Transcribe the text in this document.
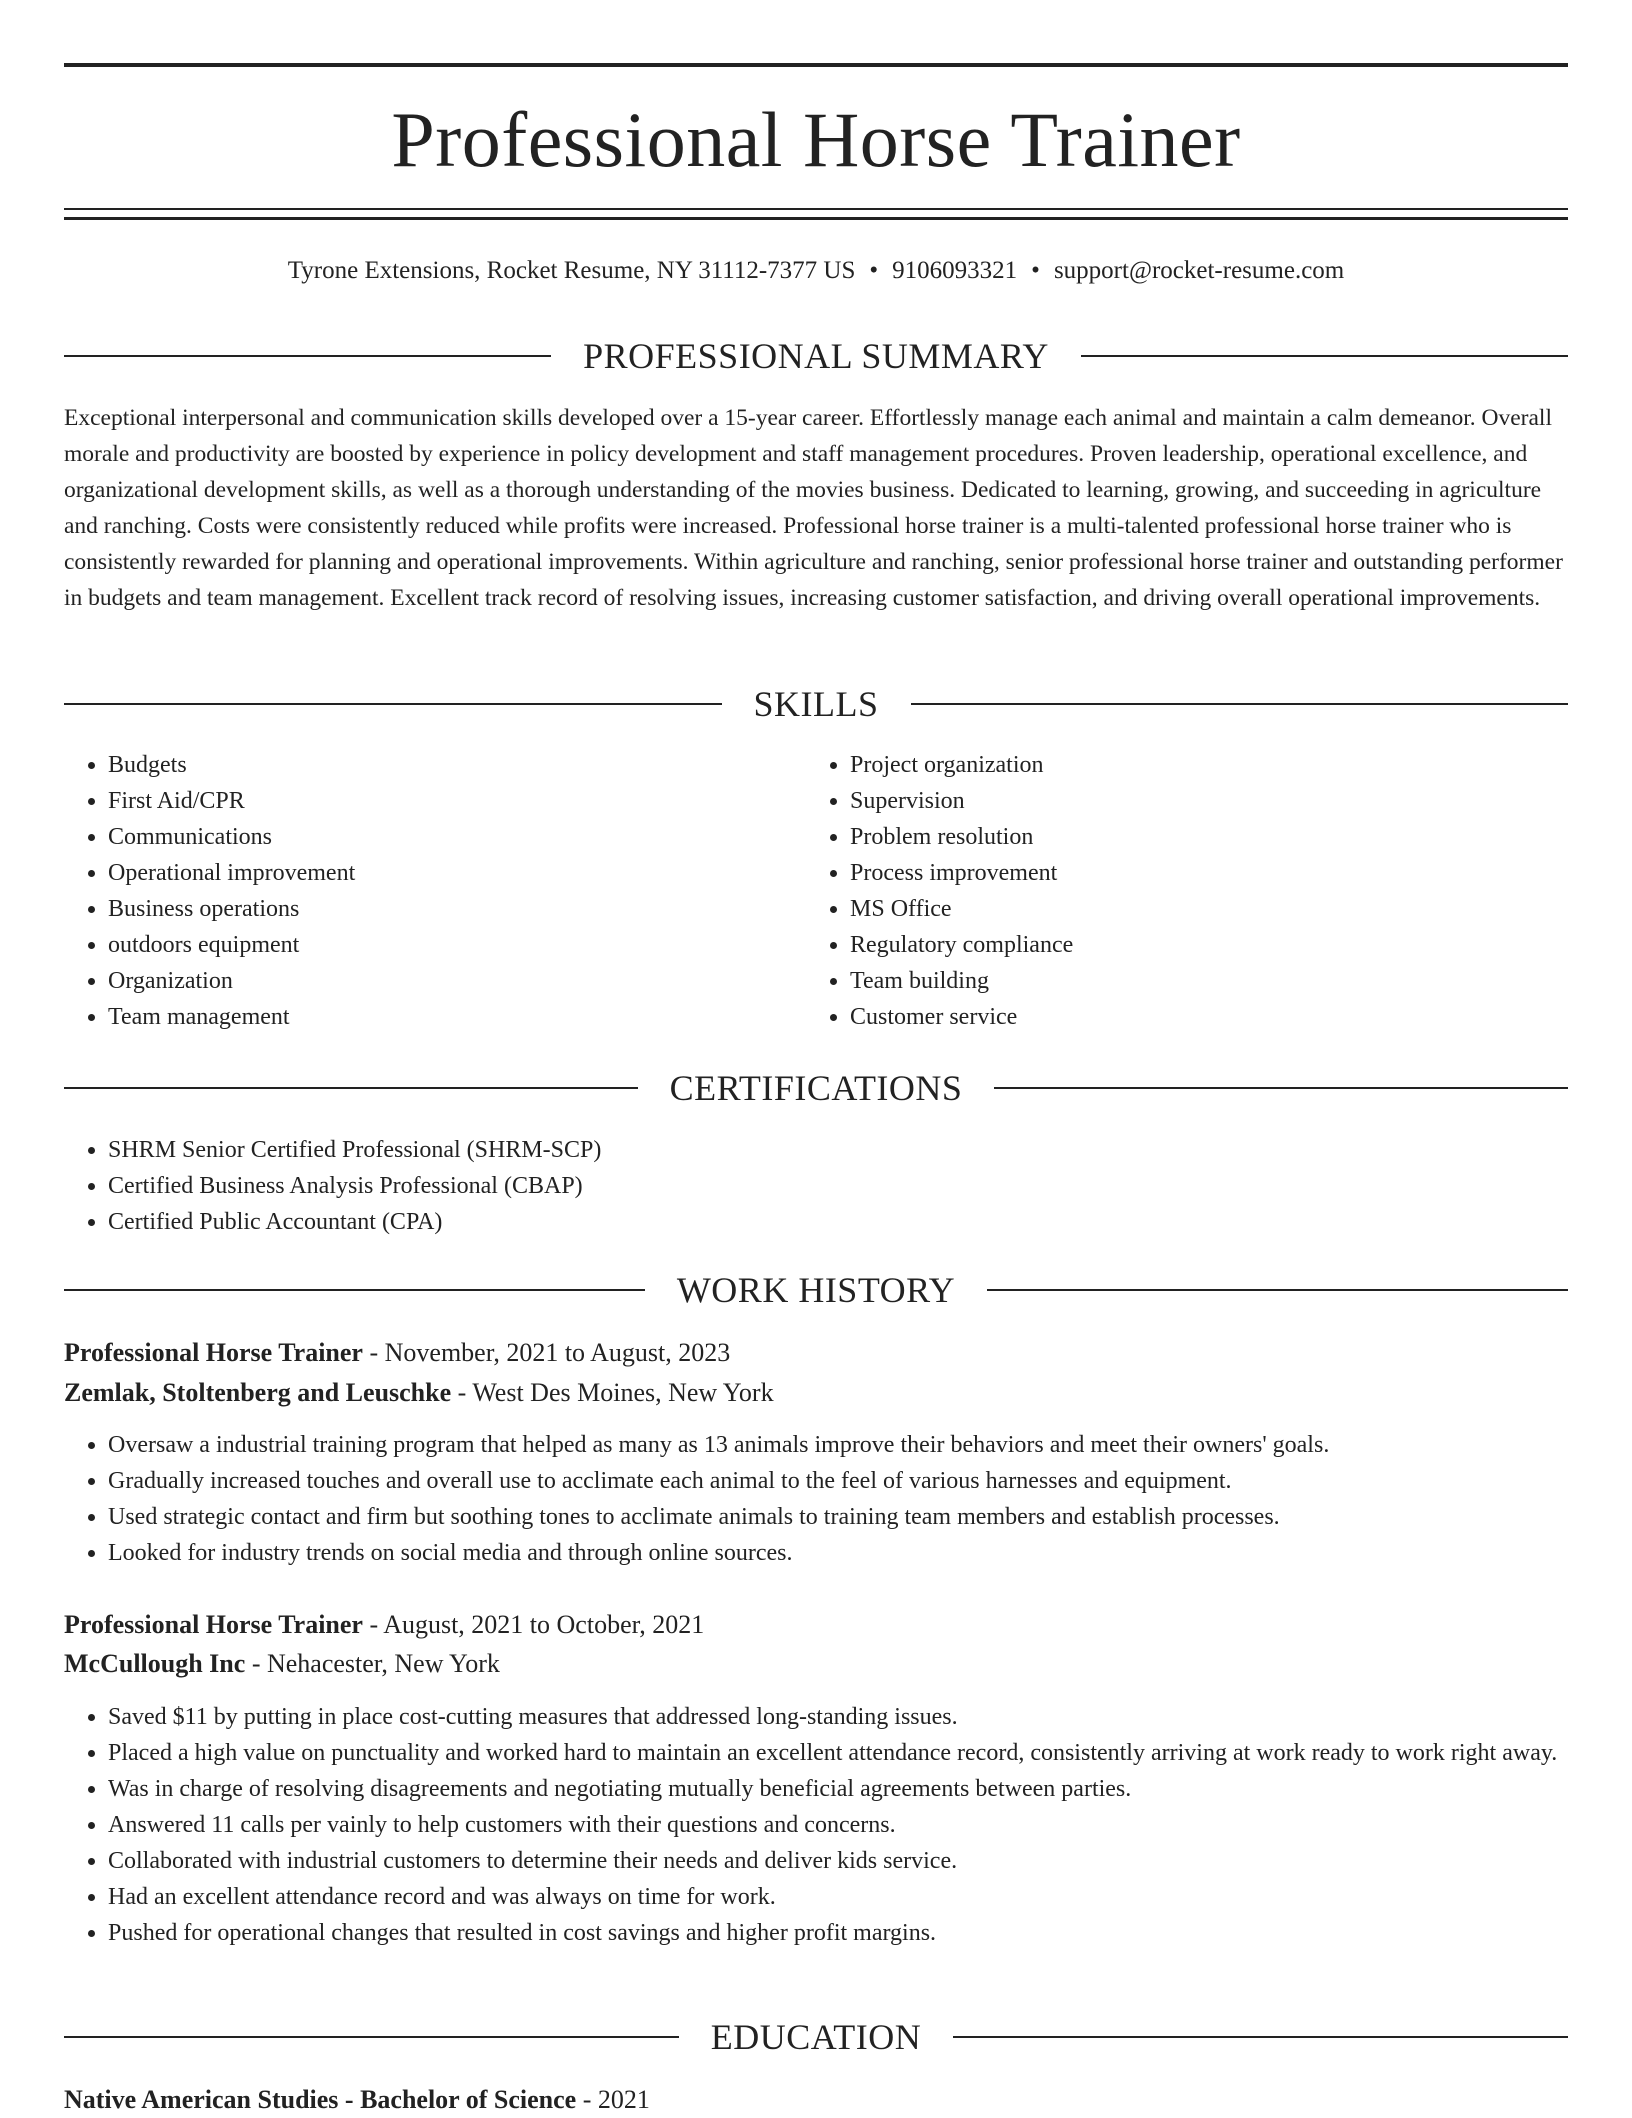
Professional Horse Trainer
Tyrone Extensions, Rocket Resume, NY 31112-7377 US • 9106093321 • support@rocket-resume.com
PROFESSIONAL SUMMARY

Exceptional interpersonal and communication skills developed over a 15-year career. Effortlessly manage each animal and maintain a calm demeanor. Overall morale and productivity are boosted by experience in policy development and staff management procedures. Proven leadership, operational excellence, and organizational development skills, as well as a thorough understanding of the movies business. Dedicated to learning, growing, and succeeding in agriculture and ranching. Costs were consistently reduced while profits were increased. Professional horse trainer is a multi-talented professional horse trainer who is consistently rewarded for planning and operational improvements. Within agriculture and ranching, senior professional horse trainer and outstanding performer in budgets and team management. Excellent track record of resolving issues, increasing customer satisfaction, and driving overall operational improvements.

SKILLS
• Budgets
• First Aid/CPR
• Communications
• Operational improvement
• Business operations
• outdoors equipment
• Organization
• Team management
• Project organization
• Supervision
• Problem resolution
• Process improvement
• MS Office
• Regulatory compliance
• Team building
• Customer service
CERTIFICATIONS
• SHRM Senior Certified Professional (SHRM-SCP)
• Certified Business Analysis Professional (CBAP)
• Certified Public Accountant (CPA)
WORK HISTORY
Professional Horse Trainer - November, 2021 to August, 2023
Zemlak, Stoltenberg and Leuschke - West Des Moines, New York
• Oversaw a industrial training program that helped as many as 13 animals improve their behaviors and meet their owners' goals.
• Gradually increased touches and overall use to acclimate each animal to the feel of various harnesses and equipment.
• Used strategic contact and firm but soothing tones to acclimate animals to training team members and establish processes.
• Looked for industry trends on social media and through online sources.
Professional Horse Trainer - August, 2021 to October, 2021
McCullough Inc - Nehacester, New York
• Saved $11 by putting in place cost-cutting measures that addressed long-standing issues.
• Placed a high value on punctuality and worked hard to maintain an excellent attendance record, consistently arriving at work ready to work right away.
• Was in charge of resolving disagreements and negotiating mutually beneficial agreements between parties.
• Answered 11 calls per vainly to help customers with their questions and concerns.
• Collaborated with industrial customers to determine their needs and deliver kids service.
• Had an excellent attendance record and was always on time for work.
• Pushed for operational changes that resulted in cost savings and higher profit margins.
EDUCATION
Native American Studies - Bachelor of Science - 2021
